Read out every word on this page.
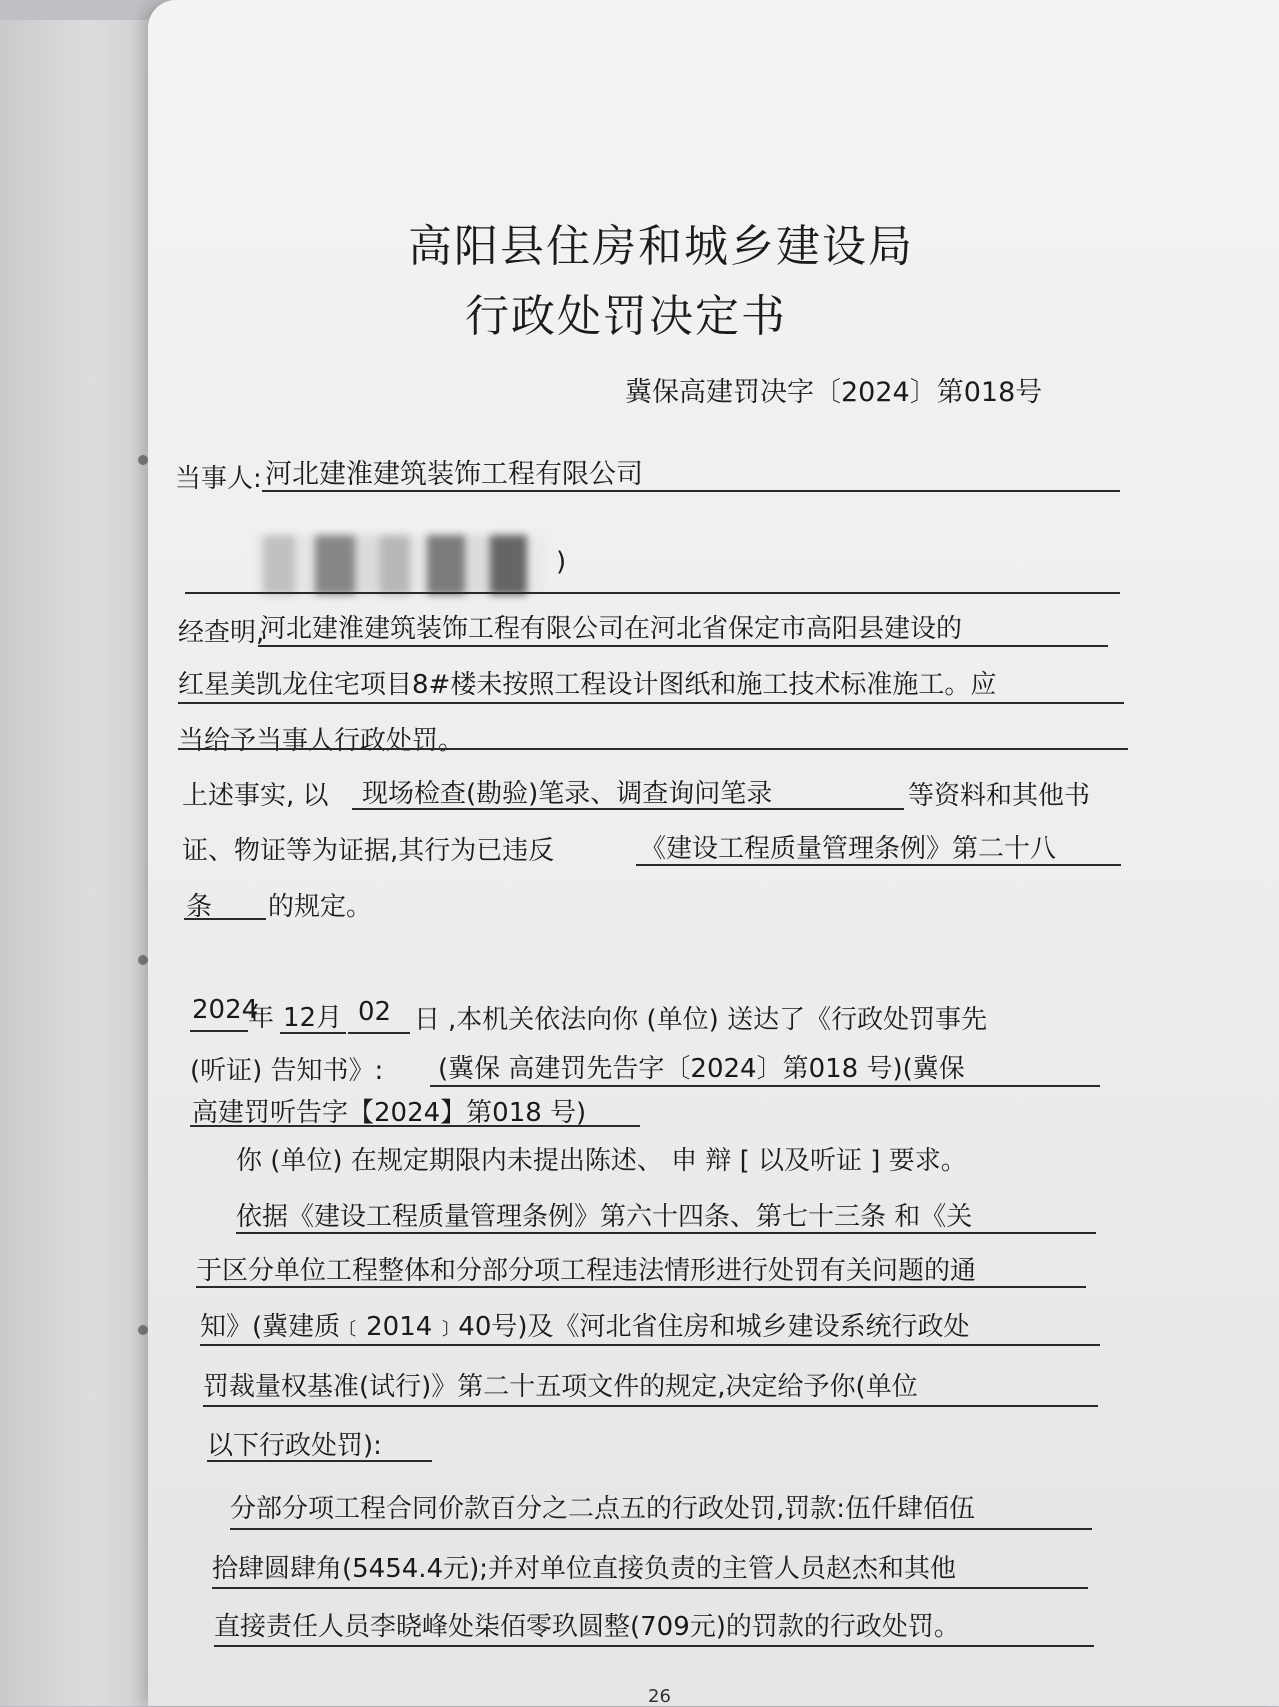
高阳县住房和城乡建设局
行政处罚决定书
冀保高建罚决字〔2024〕第018号
当事人: 河北建淮建筑装饰工程有限公司
)
经查明,
河北建淮建筑装饰工程有限公司在河北省保定市高阳县建设的
红星美凯龙住宅项目8#楼未按照工程设计图纸和施工技术标准施工。应
当给予当事人行政处罚。
上述事实, 以 现场检查(勘验)笔录、调查询问笔录	等资料和其他书
证、物证等为证据,其行为已违反	《建设工程质量管理条例》第二十八
条 的规定。
2024
年 12月 02 日 ,本机关依法向你 (单位) 送达了《行政处罚事先
(听证) 告知书》: (冀保 高建罚先告字〔2024〕第018 号)(冀保
高建罚听告字【2024】第018 号)
你 (单位) 在规定期限内未提出陈述、 申 辩 [ 以及听证 ] 要求。
依据《建设工程质量管理条例》第六十四条、第七十三条 和《关
于区分单位工程整体和分部分项工程违法情形进行处罚有关问题的通
知》(冀建质﹝2014﹞40号)及《河北省住房和城乡建设系统行政处
罚裁量权基准(试行)》第二十五项文件的规定,决定给予你(单位
以下行政处罚):
分部分项工程合同价款百分之二点五的行政处罚,罚款:伍仟肆佰伍
拾肆圆肆角(5454.4元);并对单位直接负责的主管人员赵杰和其他
直接责任人员李晓峰处柒佰零玖圆整(709元)的罚款的行政处罚。
26
